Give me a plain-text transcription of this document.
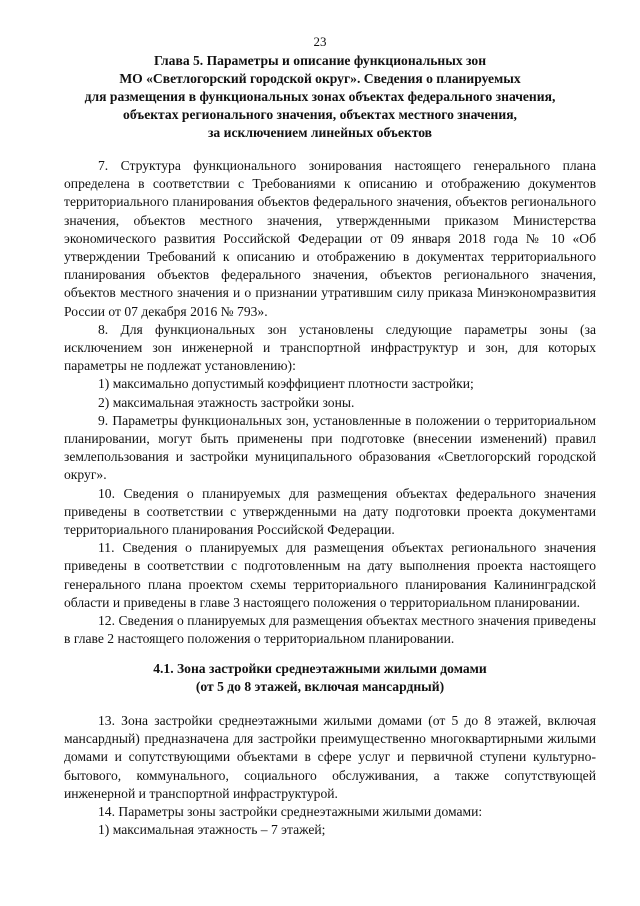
23
Глава 5. Параметры и описание функциональных зон
МО «Светлогорский городской округ». Сведения о планируемых
для размещения в функциональных зонах объектах федерального значения,
объектах регионального значения, объектах местного значения,
за исключением линейных объектов

7. Структура функционального зонирования настоящего генерального плана определена в соответствии с Требованиями к описанию и отображению документов территориального планирования объектов федерального значения, объектов регионального значения, объектов местного значения, утвержденными приказом Министерства экономического развития Российской Федерации от 09 января 2018 года № 10 «Об утверждении Требований к описанию и отображению в документах территориального планирования объектов федерального значения, объектов регионального значения, объектов местного значения и о признании утратившим силу приказа Минэкономразвития России от 07 декабря 2016 № 793».

8. Для функциональных зон установлены следующие параметры зоны (за исключением зон инженерной и транспортной инфраструктур и зон, для которых параметры не подлежат установлению):

1) максимально допустимый коэффициент плотности застройки;

2) максимальная этажность застройки зоны.

9. Параметры функциональных зон, установленные в положении о территориальном планировании, могут быть применены при подготовке (внесении изменений) правил землепользования и застройки муниципального образования «Светлогорский городской округ».

10. Сведения о планируемых для размещения объектах федерального значения приведены в соответствии с утвержденными на дату подготовки проекта документами территориального планирования Российской Федерации.

11. Сведения о планируемых для размещения объектах регионального значения приведены в соответствии с подготовленным на дату выполнения проекта настоящего генерального плана проектом схемы территориального планирования Калининградской области и приведены в главе 3 настоящего положения о территориальном планировании.

12. Сведения о планируемых для размещения объектах местного значения приведены в главе 2 настоящего положения о территориальном планировании.

4.1. Зона застройки среднеэтажными жилыми домами
(от 5 до 8 этажей, включая мансардный)

13. Зона застройки среднеэтажными жилыми домами (от 5 до 8 этажей, включая мансардный) предназначена для застройки преимущественно многоквартирными жилыми домами и сопутствующими объектами в сфере услуг и первичной ступени культурно-бытового, коммунального, социального обслуживания, а также сопутствующей инженерной и транспортной инфраструктурой.

14. Параметры зоны застройки среднеэтажными жилыми домами:

1) максимальная этажность – 7 этажей;
